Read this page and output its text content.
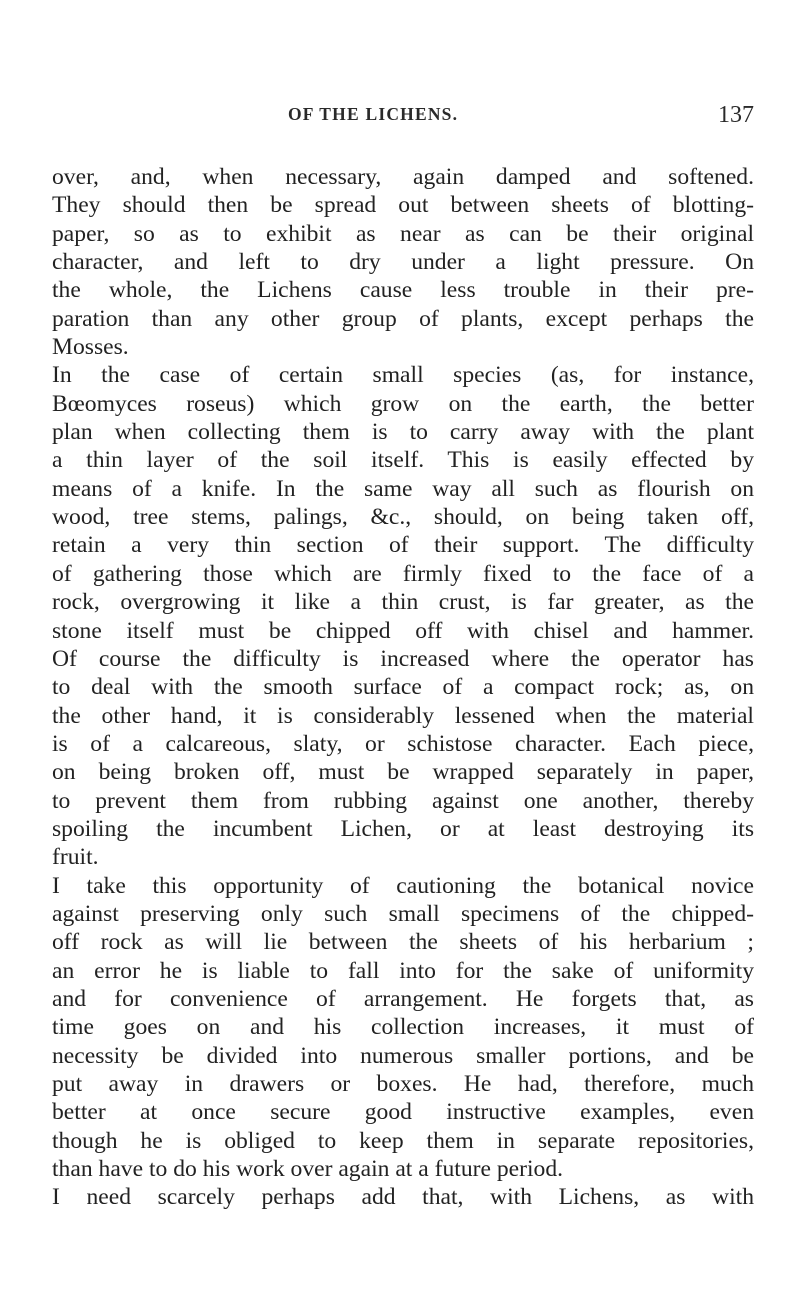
OF THE LICHENS.	137
over, and, when necessary, again damped and softened.
They should then be spread out between sheets of blotting-
paper, so as to exhibit as near as can be their original
character, and left to dry under a light pressure. On
the whole, the Lichens cause less trouble in their pre-
paration than any other group of plants, except perhaps the
Mosses.
In the case of certain small species (as, for instance,
Bœomyces roseus) which grow on the earth, the better
plan when collecting them is to carry away with the plant
a thin layer of the soil itself. This is easily effected by
means of a knife. In the same way all such as flourish on
wood, tree stems, palings, &c., should, on being taken off,
retain a very thin section of their support. The difficulty
of gathering those which are firmly fixed to the face of a
rock, overgrowing it like a thin crust, is far greater, as the
stone itself must be chipped off with chisel and hammer.
Of course the difficulty is increased where the operator has
to deal with the smooth surface of a compact rock; as, on
the other hand, it is considerably lessened when the material
is of a calcareous, slaty, or schistose character. Each piece,
on being broken off, must be wrapped separately in paper,
to prevent them from rubbing against one another, thereby
spoiling the incumbent Lichen, or at least destroying its
fruit.
I take this opportunity of cautioning the botanical novice
against preserving only such small specimens of the chipped-
off rock as will lie between the sheets of his herbarium ;
an error he is liable to fall into for the sake of uniformity
and for convenience of arrangement. He forgets that, as
time goes on and his collection increases, it must of
necessity be divided into numerous smaller portions, and be
put away in drawers or boxes. He had, therefore, much
better at once secure good instructive examples, even
though he is obliged to keep them in separate repositories,
than have to do his work over again at a future period.
I need scarcely perhaps add that, with Lichens, as with
